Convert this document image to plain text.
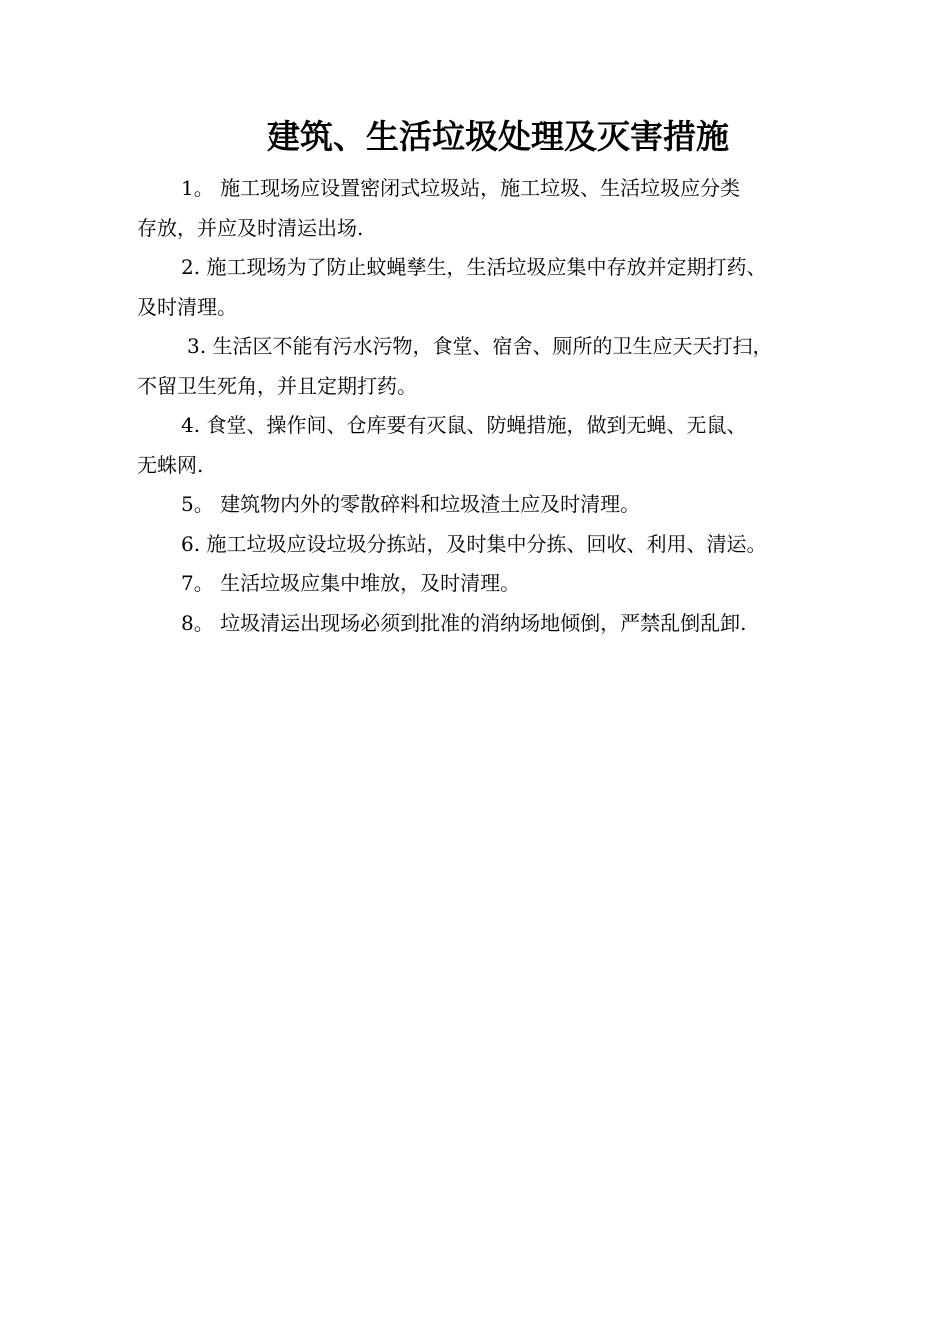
建筑、生活垃圾处理及灭害措施

1。 施工现场应设置密闭式垃圾站，施工垃圾、生活垃圾应分类

存放，并应及时清运出场.

2. 施工现场为了防止蚊蝇孳生，生活垃圾应集中存放并定期打药、

及时清理。

3. 生活区不能有污水污物，食堂、宿舍、厕所的卫生应天天打扫，

不留卫生死角，并且定期打药。

4. 食堂、操作间、仓库要有灭鼠、防蝇措施，做到无蝇、无鼠、

无蛛网.

5。 建筑物内外的零散碎料和垃圾渣土应及时清理。

6. 施工垃圾应设垃圾分拣站，及时集中分拣、回收、利用、清运。

7。 生活垃圾应集中堆放，及时清理。

8。 垃圾清运出现场必须到批准的消纳场地倾倒，严禁乱倒乱卸.
